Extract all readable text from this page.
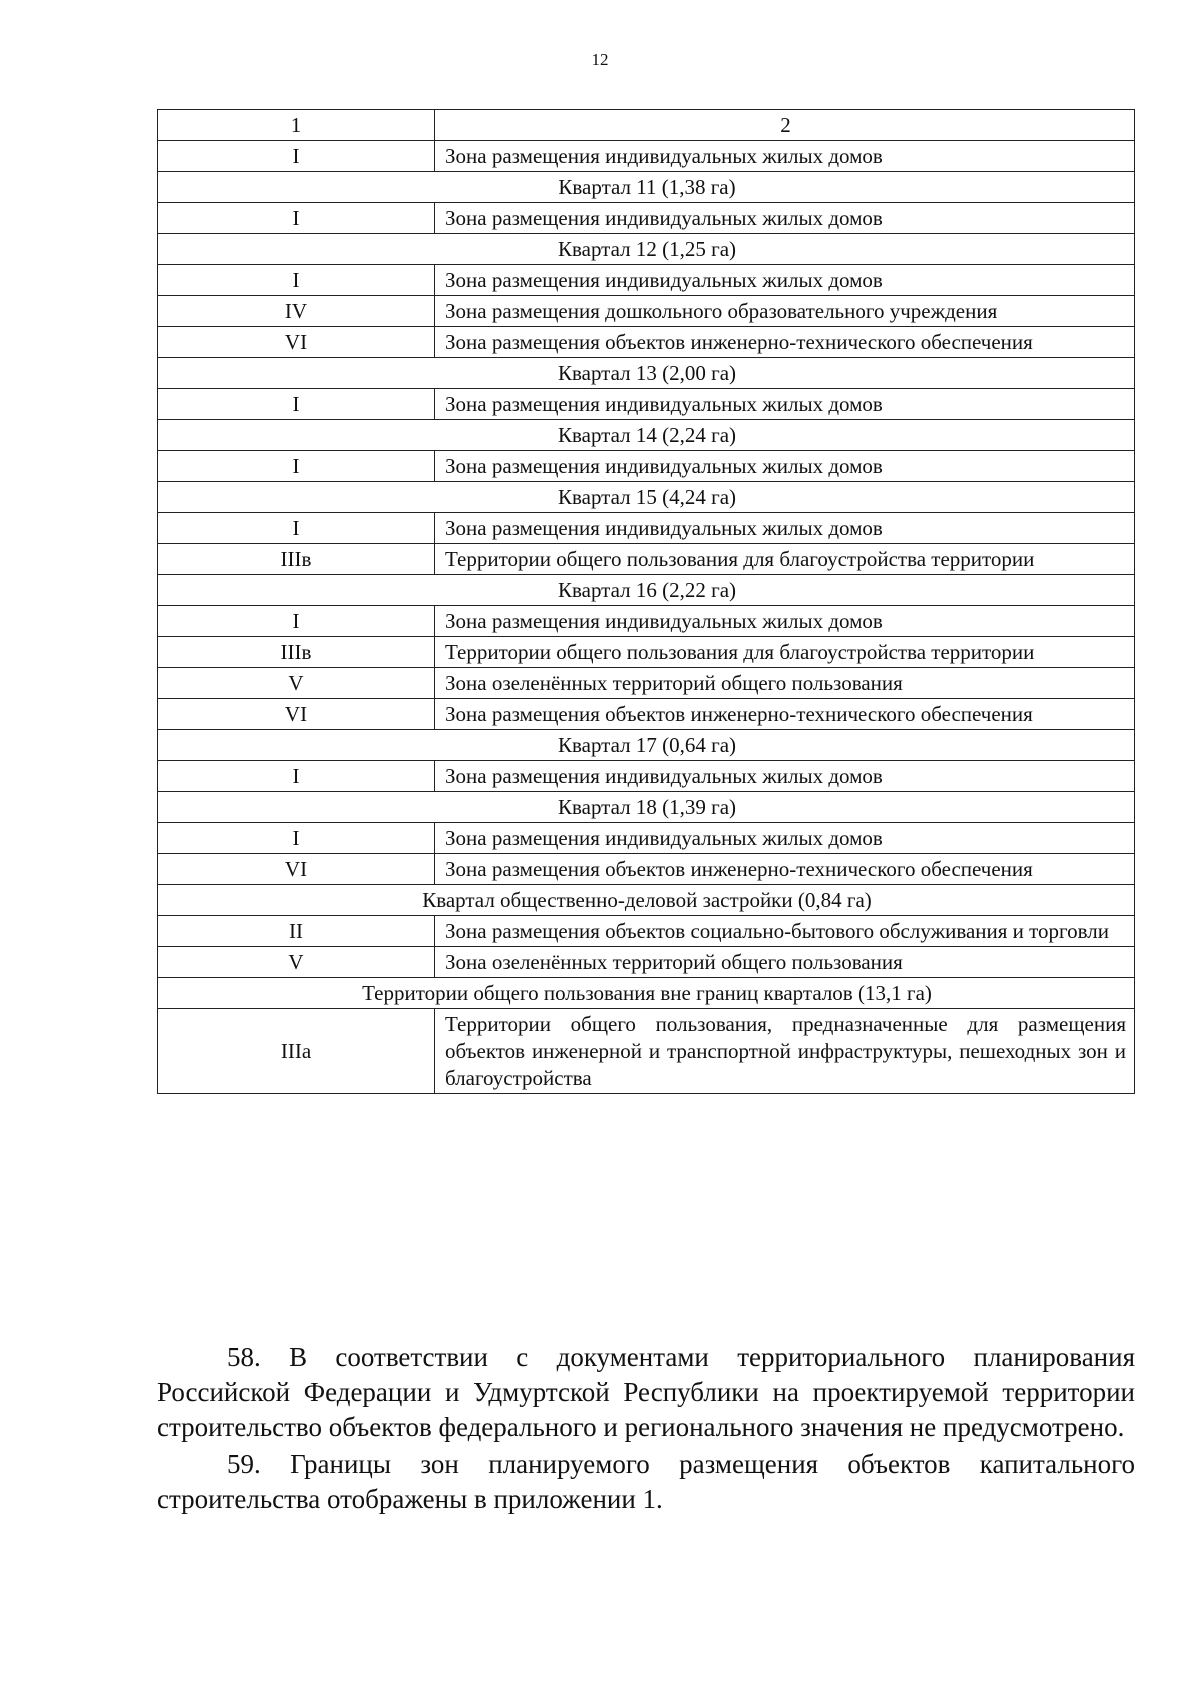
12
1	2
I	Зона размещения индивидуальных жилых домов
Квартал 11 (1,38 га)	
I	Зона размещения индивидуальных жилых домов
Квартал 12 (1,25 га)	
I	Зона размещения индивидуальных жилых домов
IV	Зона размещения дошкольного образовательного учреждения
VI	Зона размещения объектов инженерно-технического обеспечения
Квартал 13 (2,00 га)	
I	Зона размещения индивидуальных жилых домов
Квартал 14 (2,24 га)	
I	Зона размещения индивидуальных жилых домов
Квартал 15 (4,24 га)	
I	Зона размещения индивидуальных жилых домов
IIIв	Территории общего пользования для благоустройства территории
Квартал 16 (2,22 га)	
I	Зона размещения индивидуальных жилых домов
IIIв	Территории общего пользования для благоустройства территории
V	Зона озеленённых территорий общего пользования
VI	Зона размещения объектов инженерно-технического обеспечения
Квартал 17 (0,64 га)	
I	Зона размещения индивидуальных жилых домов
Квартал 18 (1,39 га)	
I	Зона размещения индивидуальных жилых домов
VI	Зона размещения объектов инженерно-технического обеспечения
Квартал общественно-деловой застройки (0,84 га)	
II	Зона размещения объектов социально-бытового обслуживания и торговли
V	Зона озеленённых территорий общего пользования
Территории общего пользования вне границ кварталов (13,1 га)	
IIIа	Территории общего пользования, предназначенные для размещения объектов инженерной и транспортной инфраструктуры, пешеходных зон и благоустройства

58. В соответствии с документами территориального планирования Российской Федерации и Удмуртской Республики на проектируемой территории строительство объектов федерального и регионального значения не предусмотрено.

59. Границы зон планируемого размещения объектов капитального строительства отображены в приложении 1.
